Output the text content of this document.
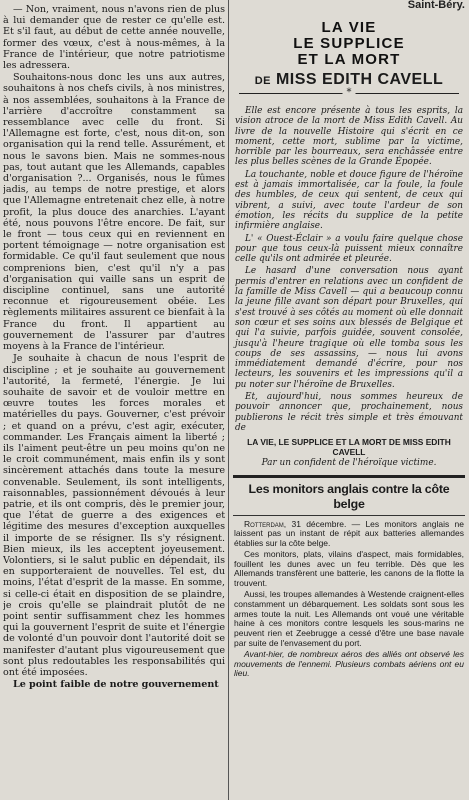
— Non, vraiment, nous n'avons rien de plus à lui demander que de rester ce qu'elle est. Et s'il faut, au début de cette année nouvelle, former des vœux, c'est à nous-mêmes, à la France de l'intérieur, que notre patriotisme les adressera.

Souhaitons-nous donc les uns aux autres, souhaitons à nos chefs civils, à nos ministres, à nos assemblées, souhaitons à la France de l'arrière d'accroître constamment sa ressemblance avec celle du front. Si l'Allemagne est forte, c'est, nous dit-on, son organisation qui la rend telle. Assurément, et nous le savons bien. Mais ne sommes-nous pas, tout autant que les Allemands, capables d'organisation ?... Organisés, nous le fûmes jadis, au temps de notre prestige, et alors que l'Allemagne entretenait chez elle, à notre profit, la plus douce des anarchies. L'ayant été, nous pouvons l'être encore. De fait, sur le front — tous ceux qui en reviennent en portent témoignage — notre organisation est formidable. Ce qu'il faut seulement que nous comprenions bien, c'est qu'il n'y a pas d'organisation qui vaille sans un esprit de discipline continuel, sans une autorité reconnue et rigoureusement obéie. Les règlements militaires assurent ce bienfait à la France du front. Il appartient au gouvernement de l'assurer par d'autres moyens à la France de l'intérieur.

Je souhaite à chacun de nous l'esprit de discipline ; et je souhaite au gouvernement l'autorité, la fermeté, l'énergie. Je lui souhaite de savoir et de vouloir mettre en œuvre toutes les forces morales et matérielles du pays. Gouverner, c'est prévoir ; et quand on a prévu, c'est agir, exécuter, commander. Les Français aiment la liberté ; ils l'aiment peut-être un peu moins qu'on ne le croit communément, mais enfin ils y sont sincèrement attachés dans toute la mesure convenable. Seulement, ils sont intelligents, raisonnables, passionnément dévoués à leur patrie, et ils ont compris, dès le premier jour, que l'état de guerre a des exigences et légitime des mesures d'exception auxquelles il importe de se résigner. Ils s'y résignent. Bien mieux, ils les acceptent joyeusement. Volontiers, si le salut public en dépendait, ils en supporteraient de nouvelles. Tel est, du moins, l'état d'esprit de la masse. En somme, si celle-ci était en disposition de se plaindre, je crois qu'elle se plaindrait plutôt de ne point sentir suffisamment chez les hommes qui la gouvernent l'esprit de suite et l'énergie de volonté d'un pouvoir dont l'autorité doit se manifester d'autant plus vigoureusement que sont plus redoutables les responsabilités qui ont été imposées.

Le point faible de notre gouvernement

Saint-Béry.
LA VIE
LE SUPPLICE
ET LA MORT
DE MISS EDITH CAVELL
*

Elle est encore présente à tous les esprits, la vision atroce de la mort de Miss Edith Cavell. Au livre de la nouvelle Histoire qui s'écrit en ce moment, cette mort, sublime par la victime, horrible par les bourreaux, sera enchâssée entre les plus belles scènes de la Grande Épopée.

La touchante, noble et douce figure de l'héroïne est à jamais immortalisée, car la foule, la foule des humbles, de ceux qui sentent, de ceux qui vibrent, a suivi, avec toute l'ardeur de son émotion, les récits du supplice de la petite infirmière anglaise.

L' « Ouest-Éclair » a voulu faire quelque chose pour que tous ceux-là puissent mieux connaître celle qu'ils ont admirée et pleurée.

Le hasard d'une conversation nous ayant permis d'entrer en relations avec un confident de la famille de Miss Cavell — qui a beaucoup connu la jeune fille avant son départ pour Bruxelles, qui s'est trouvé à ses côtés au moment où elle donnait son cœur et ses soins aux blessés de Belgique et qui l'a suivie, parfois guidée, souvent consolée, jusqu'à l'heure tragique où elle tomba sous les coups de ses assassins, — nous lui avons immédiatement demandé d'écrire, pour nos lecteurs, les souvenirs et les impressions qu'il a pu noter sur l'héroïne de Bruxelles.

Et, aujourd'hui, nous sommes heureux de pouvoir annoncer que, prochainement, nous publierons le récit très simple et très émouvant de

LA VIE, LE SUPPLICE ET LA MORT DE MISS EDITH CAVELL
Par un confident de l'héroïque victime.
Les monitors anglais contre la côte belge

Rotterdam, 31 décembre. — Les monitors anglais ne laissent pas un instant de répit aux batteries allemandes établies sur la côte belge.

Ces monitors, plats, vilains d'aspect, mais formidables, fouillent les dunes avec un feu terrible. Dès que les Allemands transfèrent une batterie, les canons de la flotte la trouvent.

Aussi, les troupes allemandes à Westende craignent-elles constamment un débarquement. Les soldats sont sous les armes toute la nuit. Les Allemands ont voué une véritable haine à ces monitors contre lesquels les sous-marins ne peuvent rien et Zeebrugge a cessé d'être une base navale par suite de l'envasement du port.

Avant-hier, de nombreux aéros des alliés ont observé les mouvements de l'ennemi. Plusieurs combats aériens ont eu lieu.
